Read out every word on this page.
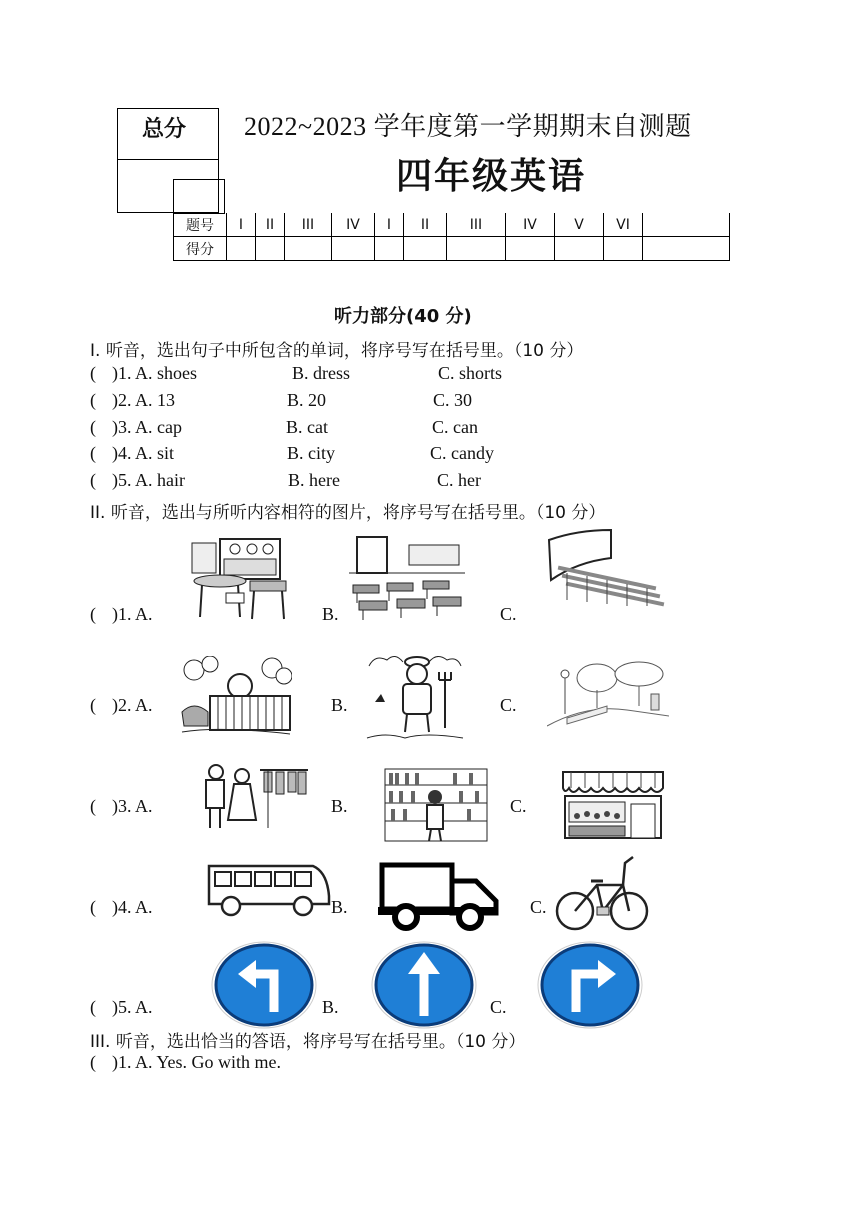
总分 2022~2023 学年度第一学期期末自测题
四年级英语
题号	I	II	III	IV	I	II	III	IV	V	VI	
得分											
听力部分(40 分)
I. 听音，选出句子中所包含的单词，将序号写在括号里。（10 分）
( )1. A. shoes	B. dress	C. shorts
( )2. A. 13	B. 20	C. 30
( )3. A. cap	B. cat	C. can
( )4. A. sit	B. city	C. candy
( )5. A. hair	B. here	C. her
II. 听音，选出与所听内容相符的图片，将序号写在括号里。（10 分）
( )1. A.	B.	C.
( )2. A.	B.	C.
( )3. A.	B.	C.
( )4. A.	B.	C.
( )5. A.	B.	C.
III. 听音，选出恰当的答语，将序号写在括号里。（10 分）
( )1. A. Yes. Go with me.
